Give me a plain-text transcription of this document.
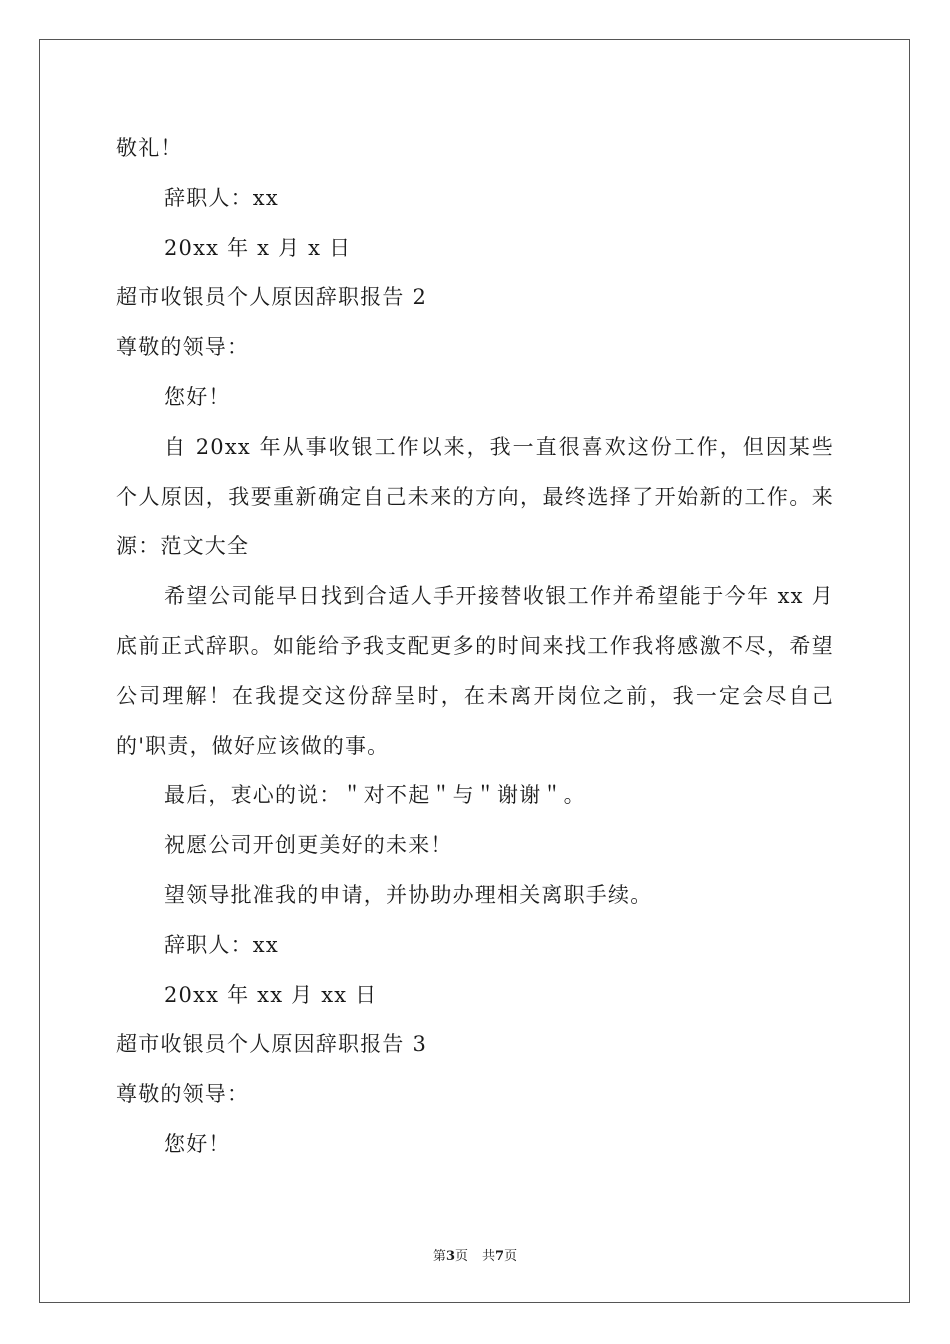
敬礼！
辞职人：xx
20xx 年 x 月 x 日
超市收银员个人原因辞职报告 2
尊敬的领导：
您好！

自 20xx 年从事收银工作以来，我一直很喜欢这份工作，但因某些个人原因，我要重新确定自己未来的方向，最终选择了开始新的工作。来源：范文大全

希望公司能早日找到合适人手开接替收银工作并希望能于今年 xx 月底前正式辞职。如能给予我支配更多的时间来找工作我将感激不尽，希望公司理解！在我提交这份辞呈时，在未离开岗位之前，我一定会尽自己的'职责，做好应该做的事。

最后，衷心的说：＂对不起＂与＂谢谢＂。
祝愿公司开创更美好的未来！
望领导批准我的申请，并协助办理相关离职手续。
辞职人：xx
20xx 年 xx 月 xx 日
超市收银员个人原因辞职报告 3
尊敬的领导：
您好！
第3页 共7页
